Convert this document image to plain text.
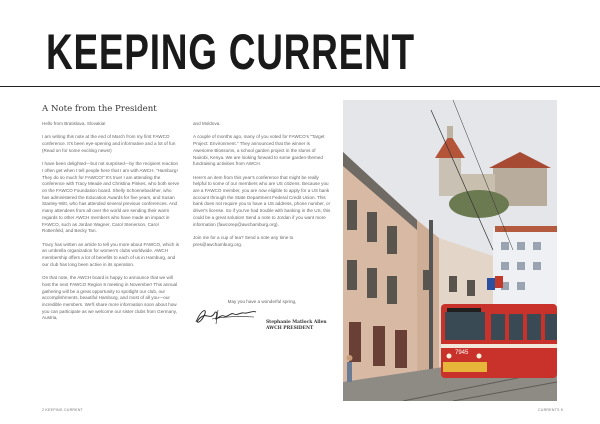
KEEPING CURRENT
A Note from the President

Hello from Bratislava, Slovakia!

I am writing this note at the end of March from my first FAWCO conference. It's been eye-opening and informative and a lot of fun (Read on for some exciting news!)

I have been delighted—but not surprised—by the recipient reaction I often get when I tell people here that I am with AWCH. "Hamburg! They do so much for FAWCO!" It's true! I am attending the conference with Tracy Meade and Christina Pinkes, who both serve on the FAWCO Foundation board. Shelly Schoenebackher, who has administered the Education Awards for five years, and Susan Stanley-Witt, who has attended several previous conferences. And many attendees from all over the world are sending their warm regards to other AWCH members who have made an impact in FAWCO, such as Jordan Wagner, Carol Stenerson, Carol Rottenfeld, and Becky Tan.

Tracy has written an article to tell you more about FAWCO, which is an umbrella organization for women's clubs worldwide. AWCH membership offers a lot of benefits to each of us in Hamburg, and our club has long been active in its operation.

On that note, the AWCH board is happy to announce that we will host the next FAWCO Region 8 meeting in November! This annual gathering will be a great opportunity to spotlight our club, our accomplishments, beautiful Hamburg, and most of all you—our incredible members. We'll share more information soon about how you can participate as we welcome our sister clubs from Germany, Austria,

and Moldova.

A couple of months ago, many of you voted for FAWCO's "Target Project: Environment." They announced that the winner is Awesome Blossoms, a school garden project in the slums of Nairobi, Kenya. We are looking forward to some garden-themed fundraising activities from AWCH.

Here's an item from this year's conference that might be really helpful to some of our members who are US citizens. Because you are a FAWCO member, you are now eligible to apply for a US bank account through the State Department Federal Credit Union. This bank does not require you to have a US address, phone number, or driver's license. So if you've had trouble with banking in the US, this could be a great solution! Send a note to Jordan if you want more information (fawcorep@awchamburg.org).

Join me for a cup of tea? Send a note any time to pres@awchamburg.org.

May you have a wonderful spring,
Stephanie Matlock Allen
AWCH PRESIDENT
7945
2 KEEPING CURRENT	CURRENTS 5
